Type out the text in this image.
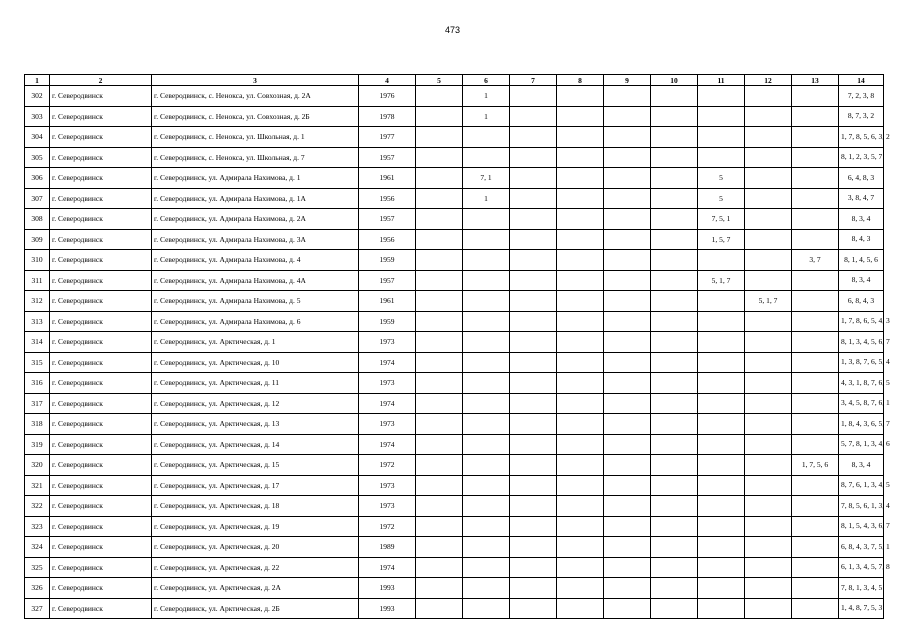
473
1	2	3	4	5	6	7	8	9	10	11	12	13	14
302	г. Северодвинск	г. Северодвинск, с. Ненокса, ул. Совхозная, д. 2А	1976		1								7, 2, 3, 8
303	г. Северодвинск	г. Северодвинск, с. Ненокса, ул. Совхозная, д. 2Б	1978		1								8, 7, 3, 2
304	г. Северодвинск	г. Северодвинск, с. Ненокса, ул. Школьная, д. 1	1977										1, 7, 8, 5, 6, 3, 2
305	г. Северодвинск	г. Северодвинск, с. Ненокса, ул. Школьная, д. 7	1957										8, 1, 2, 3, 5, 7
306	г. Северодвинск	г. Северодвинск, ул. Адмирала Нахимова, д. 1	1961		7, 1					5			6, 4, 8, 3
307	г. Северодвинск	г. Северодвинск, ул. Адмирала Нахимова, д. 1А	1956		1					5			3, 8, 4, 7
308	г. Северодвинск	г. Северодвинск, ул. Адмирала Нахимова, д. 2А	1957							7, 5, 1			8, 3, 4
309	г. Северодвинск	г. Северодвинск, ул. Адмирала Нахимова, д. 3А	1956							1, 5, 7			8, 4, 3
310	г. Северодвинск	г. Северодвинск, ул. Адмирала Нахимова, д. 4	1959									3, 7	8, 1, 4, 5, 6
311	г. Северодвинск	г. Северодвинск, ул. Адмирала Нахимова, д. 4А	1957							5, 1, 7			8, 3, 4
312	г. Северодвинск	г. Северодвинск, ул. Адмирала Нахимова, д. 5	1961								5, 1, 7		6, 8, 4, 3
313	г. Северодвинск	г. Северодвинск, ул. Адмирала Нахимова, д. 6	1959										1, 7, 8, 6, 5, 4, 3
314	г. Северодвинск	г. Северодвинск, ул. Арктическая, д. 1	1973										8, 1, 3, 4, 5, 6, 7
315	г. Северодвинск	г. Северодвинск, ул. Арктическая, д. 10	1974										1, 3, 8, 7, 6, 5, 4
316	г. Северодвинск	г. Северодвинск, ул. Арктическая, д. 11	1973										4, 3, 1, 8, 7, 6, 5
317	г. Северодвинск	г. Северодвинск, ул. Арктическая, д. 12	1974										3, 4, 5, 8, 7, 6, 1
318	г. Северодвинск	г. Северодвинск, ул. Арктическая, д. 13	1973										1, 8, 4, 3, 6, 5, 7
319	г. Северодвинск	г. Северодвинск, ул. Арктическая, д. 14	1974										5, 7, 8, 1, 3, 4, 6
320	г. Северодвинск	г. Северодвинск, ул. Арктическая, д. 15	1972									1, 7, 5, 6	8, 3, 4
321	г. Северодвинск	г. Северодвинск, ул. Арктическая, д. 17	1973										8, 7, 6, 1, 3, 4, 5
322	г. Северодвинск	г. Северодвинск, ул. Арктическая, д. 18	1973										7, 8, 5, 6, 1, 3, 4
323	г. Северодвинск	г. Северодвинск, ул. Арктическая, д. 19	1972										8, 1, 5, 4, 3, 6, 7
324	г. Северодвинск	г. Северодвинск, ул. Арктическая, д. 20	1989										6, 8, 4, 3, 7, 5, 1
325	г. Северодвинск	г. Северодвинск, ул. Арктическая, д. 22	1974										6, 1, 3, 4, 5, 7, 8
326	г. Северодвинск	г. Северодвинск, ул. Арктическая, д. 2А	1993										7, 8, 1, 3, 4, 5
327	г. Северодвинск	г. Северодвинск, ул. Арктическая, д. 2Б	1993										1, 4, 8, 7, 5, 3
